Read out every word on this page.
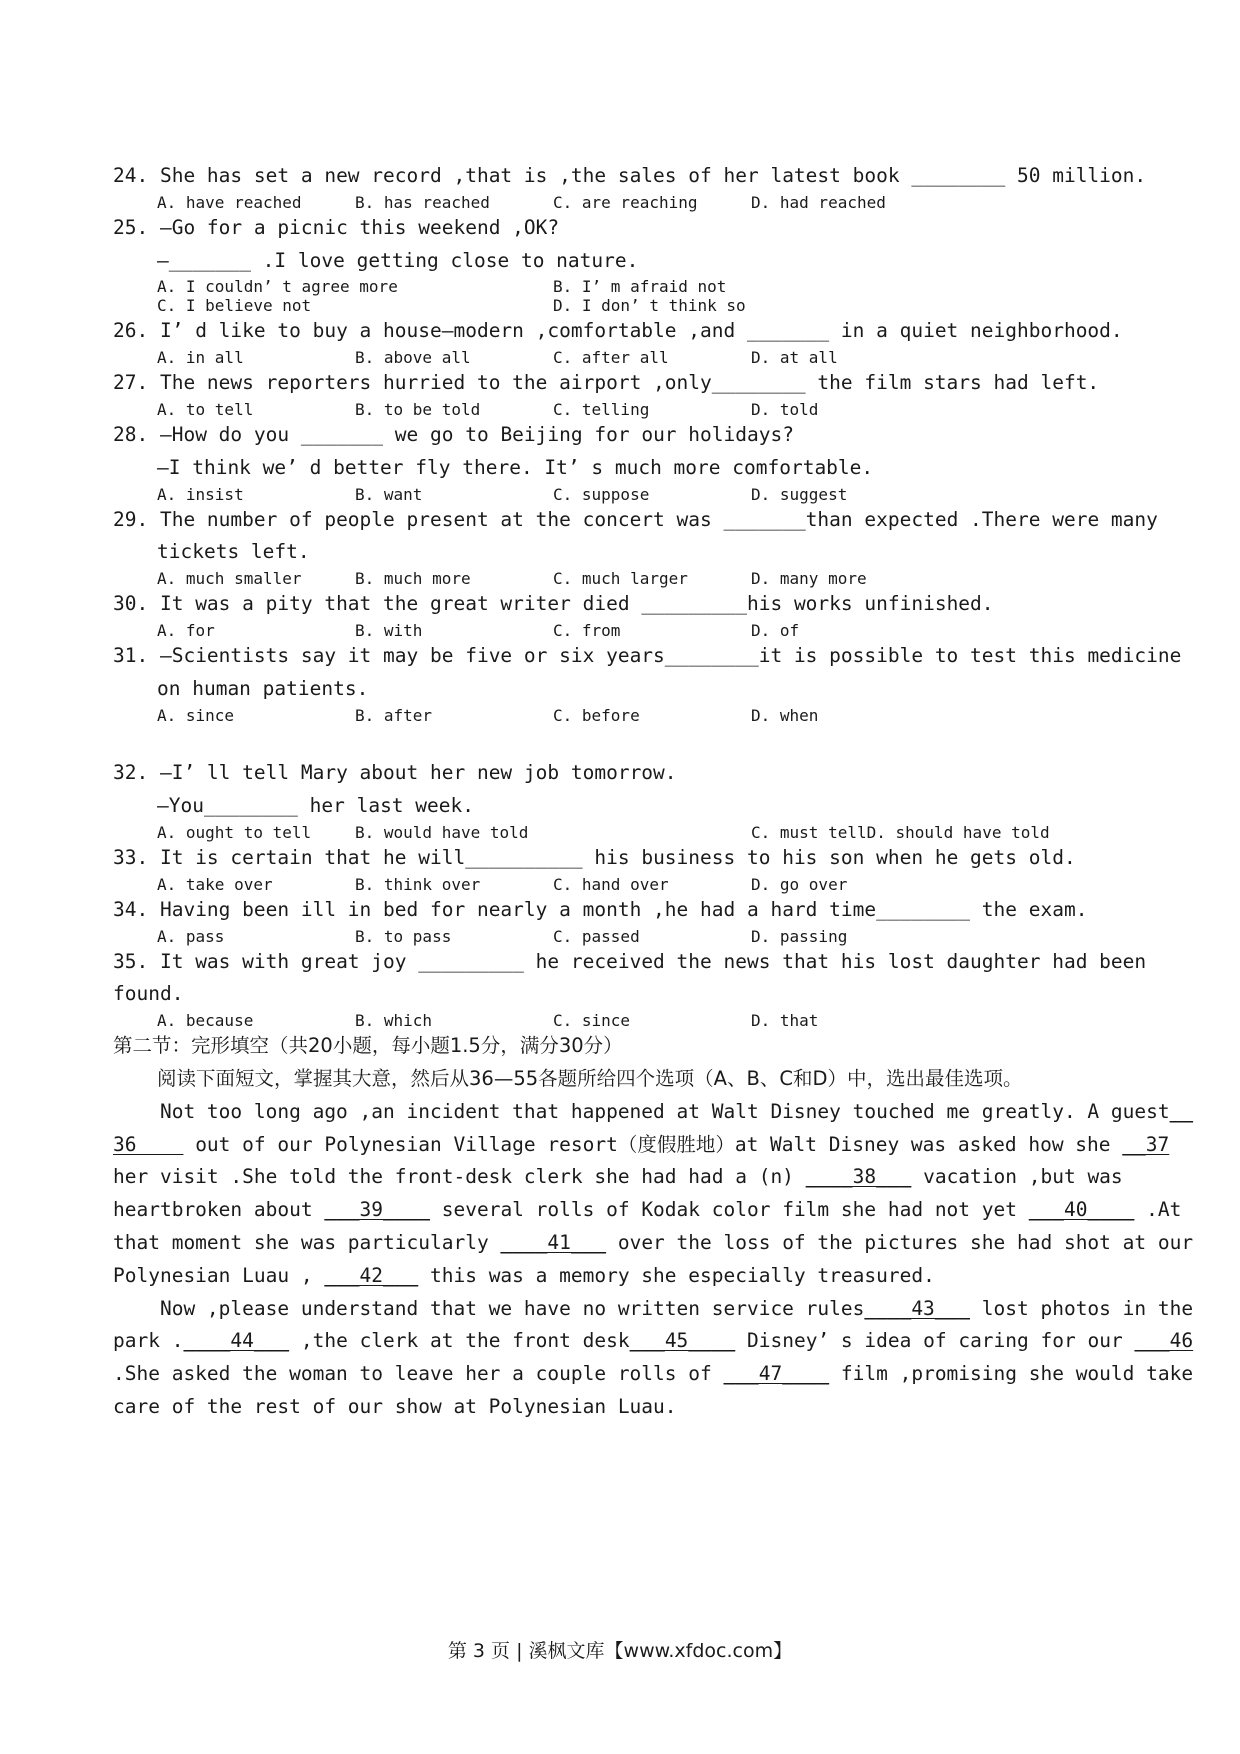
24. She has set a new record ,that is ,the sales of her latest book ________ 50 million.
A. have reached	B. has reached	C. are reaching	D. had reached
25. —Go for a picnic this weekend ,OK?
—_______ .I love getting close to nature.
A. I couldn’ t agree more	B. I’ m afraid not
C. I believe not	D. I don’ t think so
26. I’ d like to buy a house—modern ,comfortable ,and _______ in a quiet neighborhood.
A. in all	B. above all	C. after all	D. at all
27. The news reporters hurried to the airport ,only________ the film stars had left.
A. to tell	B. to be told	C. telling	D. told
28. —How do you _______ we go to Beijing for our holidays?
—I think we’ d better fly there. It’ s much more comfortable.
A. insist	B. want	C. suppose	D. suggest
29. The number of people present at the concert was _______than expected .There were many
tickets left.
A. much smaller	B. much more	C. much larger	D. many more
30. It was a pity that the great writer died _________his works unfinished.
A. for	B. with	C. from	D. of
31. —Scientists say it may be five or six years________it is possible to test this medicine
on human patients.
A. since	B. after	C. before	D. when
32. —I’ ll tell Mary about her new job tomorrow.
—You________ her last week.
A. ought to tell	B. would have told	C. must tell D. should have told
33. It is certain that he will__________ his business to his son when he gets old.
A. take over	B. think over	C. hand over	D. go over
34. Having been ill in bed for nearly a month ,he had a hard time________ the exam.
A. pass	B. to pass	C. passed	D. passing
35. It was with great joy _________ he received the news that his lost daughter had been
found.
A. because	B. which	C. since	D. that
第二节：完形填空（共20小题，每小题1.5分，满分30分）
阅读下面短文，掌握其大意，然后从36—55各题所给四个选项（A、B、C和D）中，选出最佳选项。
Not too long ago ,an incident that happened at Walt Disney touched me greatly. A guest__
36     out of our Polynesian Village resort（度假胜地）at Walt Disney was asked how she __37
her visit .She told the front-desk clerk she had had a (n) ____38___ vacation ,but was
heartbroken about ___39____ several rolls of Kodak color film she had not yet ___40____ .At
that moment she was particularly ____41___ over the loss of the pictures she had shot at our
Polynesian Luau , ___42___ this was a memory she especially treasured.
Now ,please understand that we have no written service rules____43___ lost photos in the
park .____44___ ,the clerk at the front desk___45____ Disney’ s idea of caring for our ___46
.She asked the woman to leave her a couple rolls of ___47____ film ,promising she would take
care of the rest of our show at Polynesian Luau.
第 3 页 | 溪枫文库【www.xfdoc.com】
